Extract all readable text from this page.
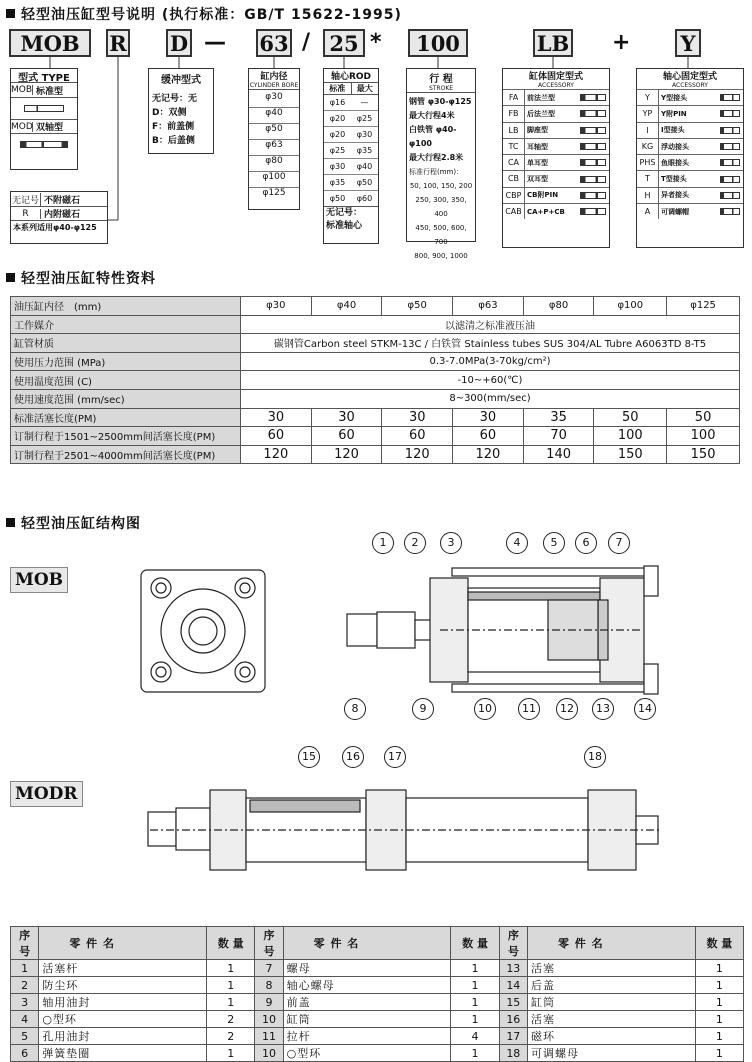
轻型油压缸型号说明 (执行标准：GB/T 15622-1995)
MOB	R D — 63 / 25 *	100	LB + Y
型式 TYPE
MOB 标准型
MOD 双轴型
无记号 不附磁石
R	内附磁石
本系列适用φ40-φ125
缓冲型式
无记号：无
D：双侧
F：前盖侧
B：后盖侧
缸内径
CYLINDER BORE
φ30
φ40
φ50
φ63
φ80
φ100
φ125
轴心ROD
标准	最大
φ16	—
φ20	φ25
φ20	φ30
φ25	φ35
φ30	φ40
φ35	φ50
φ50	φ60
无记号：
标准轴心
行 程
STROKE
钢管 φ30-φ125
最大行程4米
白铁管 φ40-φ100
最大行程2.8米
标准行程(mm)：
50, 100, 150, 200
250, 300, 350, 400
450, 500, 600, 700
800, 900, 1000
缸体固定型式
ACCESSORY
FA	前法兰型
FB	后法兰型
LB	脚座型
TC	耳轴型
CA	单耳型
CB	双耳型
CBP CB附PIN
CAB CA+P+CB
轴心固定型式
ACCESSORY
Y	Y型接头
YP	Y附PIN
I	I型接头
KG	浮动接头
PHS 鱼眼接头
T	T型接头
H	异者接头
A	可调螺帽
轻型油压缸特性资料
油压缸内径　(mm)	φ30	φ40	φ50	φ63	φ80	φ100	φ125
工作媒介	以滤清之标准液压油						
缸管材质	碳钢管Carbon steel STKM-13C / 白铁管 Stainless tubes SUS 304/AL Tubre A6063TD 8-T5						
使用压力范围 (MPa)	0.3-7.0MPa(3-70kg/cm²)						
使用温度范围 (C)	-10~+60(℃)						
使用速度范围 (mm/sec)	8~300(mm/sec)						
标准活塞长度(PM)	30	30	30	30	35	50	50
订制行程于1501~2500mm间活塞长度(PM)	60	60	60	60	70	100	100
订制行程于2501~4000mm间活塞长度(PM)	120	120	120	120	140	150	150
轻型油压缸结构图
MOB
MODR
1	2	3	4	5	6	7
8	9	10	11	12	13	14
15	16	17	18
序号	零 件 名	数 量	序号	零 件 名	数 量	序号	零 件 名	数 量
1	活塞杆	1	7	螺母	1	13	活塞	1
2	防尘环	1	8	轴心螺母	1	14	后盖	1
3	轴用油封	1	9	前盖	1	15	缸筒	1
4	○型环	2	10	缸筒	1	16	活塞	1
5	孔用油封	2	11	拉杆	4	17	磁环	1
6	弹簧垫圈	1	10	○型环	1	18	可调螺母	1
